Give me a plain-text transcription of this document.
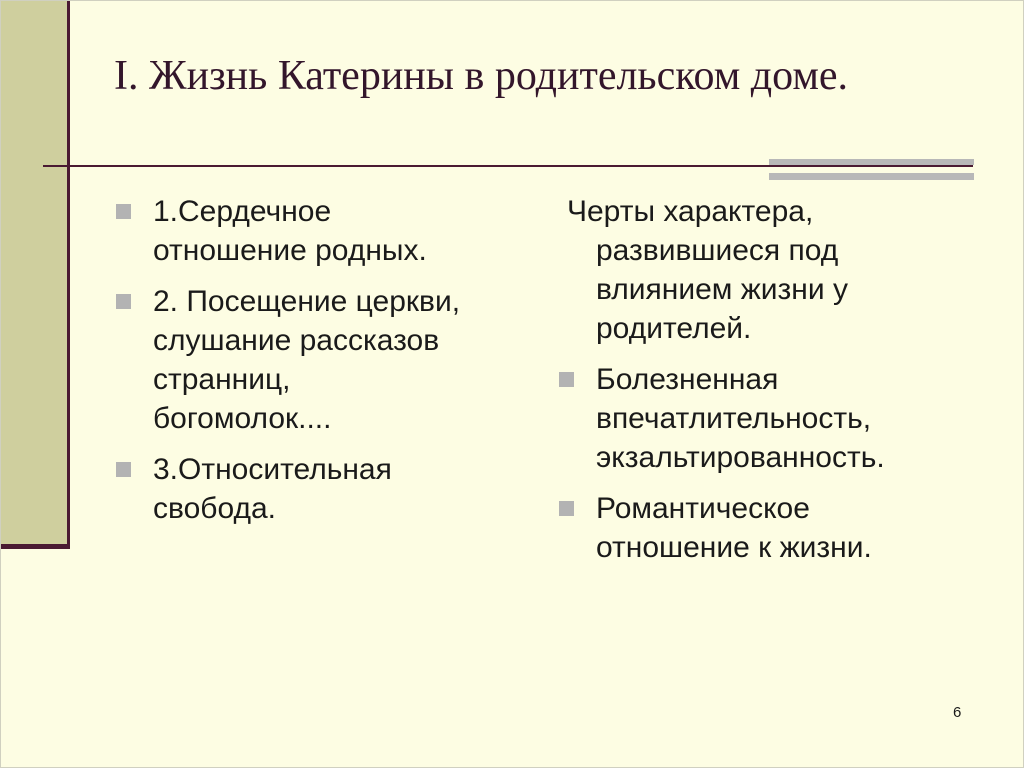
I. Жизнь Катерины в родительском доме.
1.Сердечное
отношение родных.
2. Посещение церкви,
слушание рассказов
странниц,
богомолок....
3.Относительная
свобода.
Черты характера,
развившиеся под
влиянием жизни у
родителей.
Болезненная
впечатлительность,
экзальтированность.
Романтическое
отношение к жизни.
6
